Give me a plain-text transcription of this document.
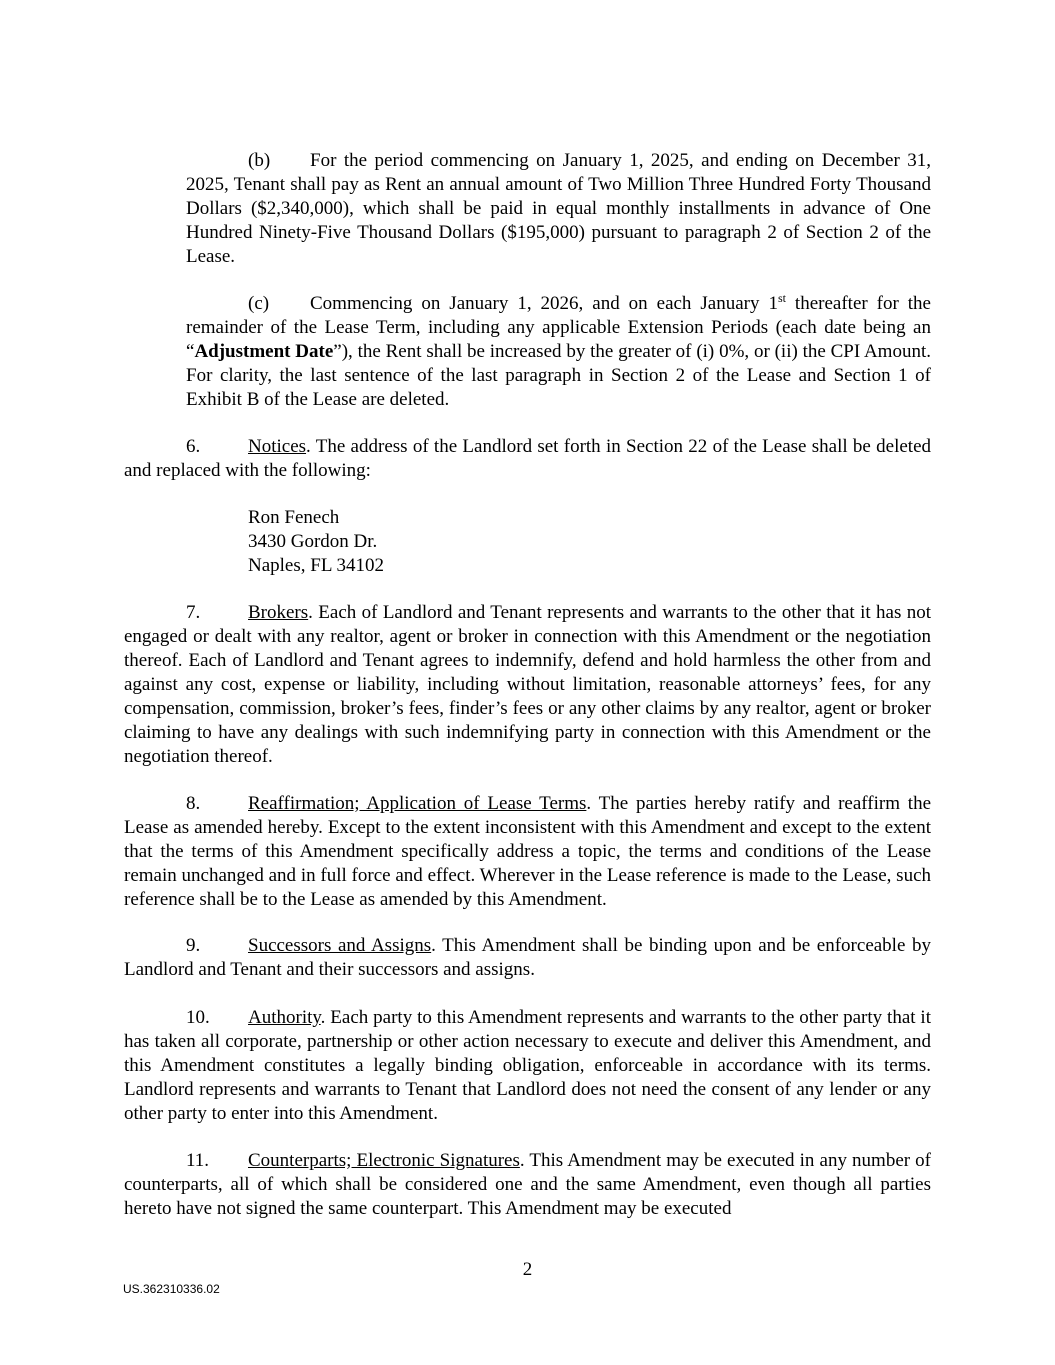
(b) For the period commencing on January 1, 2025, and ending on December 31, 2025, Tenant shall pay as Rent an annual amount of Two Million Three Hundred Forty Thousand Dollars ($2,340,000), which shall be paid in equal monthly installments in advance of One Hundred Ninety-Five Thousand Dollars ($195,000) pursuant to paragraph 2 of Section 2 of the Lease.

(c) Commencing on January 1, 2026, and on each January 1st thereafter for the remainder of the Lease Term, including any applicable Extension Periods (each date being an “Adjustment Date”), the Rent shall be increased by the greater of (i) 0%, or (ii) the CPI Amount. For clarity, the last sentence of the last paragraph in Section 2 of the Lease and Section 1 of Exhibit B of the Lease are deleted.

6.	Notices. The address of the Landlord set forth in Section 22 of the Lease shall be deleted and replaced with the following:

Ron Fenech
3430 Gordon Dr.
Naples, FL 34102

7.	Brokers. Each of Landlord and Tenant represents and warrants to the other that it has not engaged or dealt with any realtor, agent or broker in connection with this Amendment or the negotiation thereof. Each of Landlord and Tenant agrees to indemnify, defend and hold harmless the other from and against any cost, expense or liability, including without limitation, reasonable attorneys’ fees, for any compensation, commission, broker’s fees, finder’s fees or any other claims by any realtor, agent or broker claiming to have any dealings with such indemnifying party in connection with this Amendment or the negotiation thereof.

8.	Reaffirmation; Application of Lease Terms. The parties hereby ratify and reaffirm the Lease as amended hereby. Except to the extent inconsistent with this Amendment and except to the extent that the terms of this Amendment specifically address a topic, the terms and conditions of the Lease remain unchanged and in full force and effect. Wherever in the Lease reference is made to the Lease, such reference shall be to the Lease as amended by this Amendment.

9.	Successors and Assigns. This Amendment shall be binding upon and be enforceable by Landlord and Tenant and their successors and assigns.

10. Authority. Each party to this Amendment represents and warrants to the other party that it has taken all corporate, partnership or other action necessary to execute and deliver this Amendment, and this Amendment constitutes a legally binding obligation, enforceable in accordance with its terms. Landlord represents and warrants to Tenant that Landlord does not need the consent of any lender or any other party to enter into this Amendment.

11. Counterparts; Electronic Signatures. This Amendment may be executed in any number of counterparts, all of which shall be considered one and the same Amendment, even though all parties hereto have not signed the same counterpart. This Amendment may be executed

2
US.362310336.02
